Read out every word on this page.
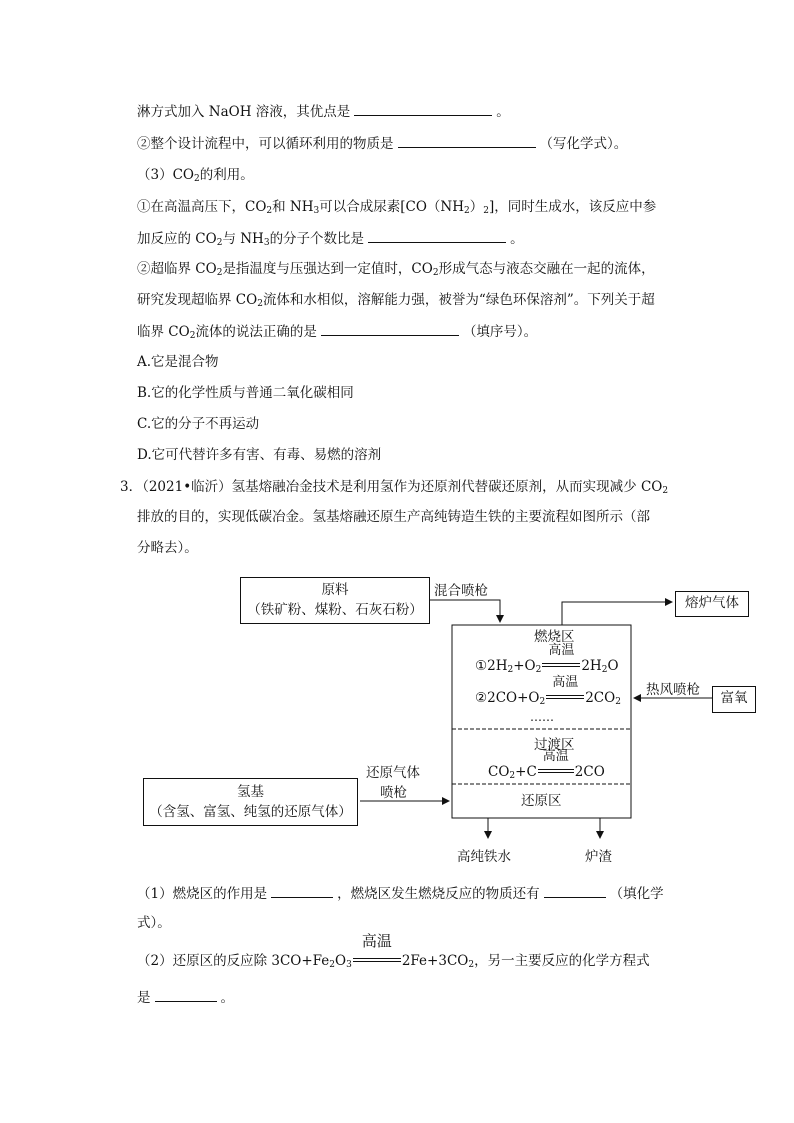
淋方式加入 NaOH 溶液，其优点是	。
②整个设计流程中，可以循环利用的物质是	（写化学式）。
$(3)CO_2$的利用。
①在高温高压下，$CO_2$和 $NH_3$可以合成尿素$[CO(NH_2)_2]$，同时生成水，该反应中参
加反应的 $CO_2$与 $NH_3$的分子个数比是	。
②超临界 $CO_2$是指温度与压强达到一定值时，$CO_2$形成气态与液态交融在一起的流体，
研究发现超临界 $CO_2$流体和水相似，溶解能力强，被誉为“绿色环保溶剂”。下列关于超
临界 $CO_2$流体的说法正确的是	（填序号）。
A.它是混合物
B.它的化学性质与普通二氧化碳相同
C.它的分子不再运动
D.它可代替许多有害、有毒、易燃的溶剂
3．（2021•临沂）氢基熔融冶金技术是利用氢作为还原剂代替碳还原剂，从而实现减少 $CO_2$
排放的目的，实现低碳冶金。氢基熔融还原生产高纯铸造生铁的主要流程如图所示（部
分略去）。
原料
（铁矿粉、煤粉、石灰石粉）
混合喷枪
熔炉气体
燃烧区
$①2H_2+O_2$
高温
$2H_2O$
$②2CO+O_2$
高温
$2CO_2$
……
热风喷枪	富氧
过渡区
$CO_2+C$
高温
2CO
还原区
还原气体
喷枪
氢基
（含氢、富氢、纯氢的还原气体）
高纯铁水	炉渣
（1）燃烧区的作用是	，燃烧区发生燃烧反应的物质还有	（填化学
式）。
（2）还原区的反应除 $3CO+Fe_2O_3$
高温
$2Fe+3CO_2$，另一主要反应的化学方程式
是	。
